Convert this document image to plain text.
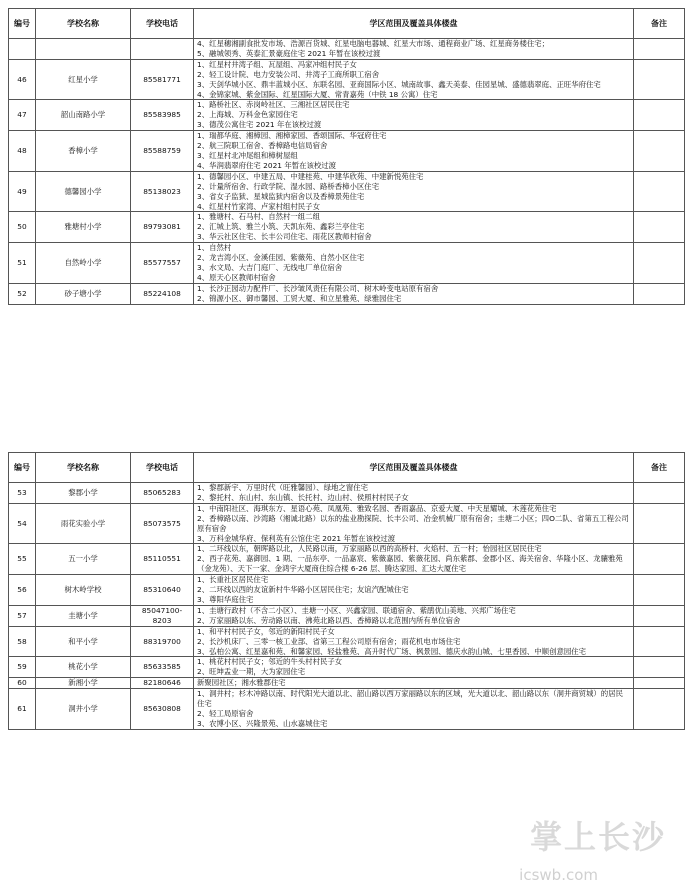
编号	学校名称	学校电话	学区范围及覆盖具体楼盘	备注

			4、红星穗湘副食批发市场、浩源百货城、红星电脑电器城、红星大市场、通程商业广场、红星商务楼住宅；
5、融城领秀、英泰汇景豪庭住宅 2021 年暂在该校过渡	

46	红星小学	85581771	1、红星村井湾子组、瓦屋组、冯家冲组村民子女
2、轻工设计院、电力安装公司、井湾子工商所职工宿舍
3、天剑华城小区、鼎丰蓝城小区、东联名园、亚商国际小区、城南故事、鑫天美泰、佳园星城、盛德翡翠庭、正旺华府住宅
4、金锦家城、紫金国际、红星国际大厦、常青嘉苑（中铁 18 公寓）住宅	

47	韶山南路小学	85583985	1、路桥社区、赤岗岭社区、三湘社区居民住宅
2、上海城、万科金色家园住宅
3、德茂公寓住宅 2021 年在该校过渡	

48	香樟小学	85588759	1、瑞都华庭、湘樟园、湘樟家园、香颂国际、华冠府住宅
2、航三院职工宿舍、香樟路电信局宿舍
3、红星村北冲尾组和樟树屋组
4、华润翡翠府住宅 2021 年暂在该校过渡	

49	德馨园小学	85138023	1、德馨园小区、中建五局、中建桂苑、中建华欣苑、中建新悦苑住宅
2、计量所宿舍、行政学院、湿水园、路桥香樟小区住宅
3、省女子监狱、星城监狱内宿舍以及香樟景苑住宅
4、红星村竹家湾、卢家村组村民子女	

50	雅塘村小学	89793081	1、雅塘村、石马村、自然村一组二组
2、汇城上筑、雅兰小筑、天凯东苑、鑫彩兰亭住宅
3、华云社区住宅、长丰公司住宅、雨花区教师村宿舍	

51	自然岭小学	85577557	1、自然村
2、龙吉湾小区、金溪佳园、紫薇苑、自然小区住宅
3、水文局、大吉门庭厂、无线电厂单位宿舍
4、原天心区教师村宿舍	

52	砂子塘小学	85224108	1、长沙正园动力配件厂、长沙皱风责任有限公司、树木岭变电站原有宿舍
2、锦源小区、御市馨园、工贸大厦、和立星雅苑、绿雅园住宅	

编号	学校名称	学校电话	学区范围及覆盖具体楼盘	备注
53	黎郡小学	85065283	1、黎郡新宇、万里时代（旺雅馨园）、绿地之窗住宅
2、黎托村、东山村、东山镇、长托村、边山村、侯照村村民子女	

54	雨花实验小学	85073575	1、中南阳社区、海琪东方、星语心苑、凤凰苑、雅致名园、香雨嘉品、京爱大厦、中天星耀城、木莲花苑住宅
2、香樟路以南、沙湾路（湘诚北路）以东的盐业勘探院、长丰公司、冶金机械厂原有宿舍；圭塘二小区；四O二队、省第五工程公司原有宿舍
3、万科金城华府、保利英有公馆住宅 2021 年暂在该校过渡	

55	五一小学	85110551	1、二环线以东，朝晖路以北，人民路以南，万家丽路以西的高桥村、火焰村、五一村；怡园社区居民住宅
2、西子花苑、嘉御园、1 期、一品东亭、一品嘉宸、紫薇嘉园、紫薇花园、尚东紫郡、金郡小区、海关宿舍、华隆小区、龙骧雅苑（金龙苑）、天下一家、金鸿宇大厦商住综合楼 6-26 层、腾达家园、汇达大厦住宅	

56	树木岭学校	85310640	1、长重社区居民住宅
2、二环线以西的友谊新村牛华路小区居民住宅；友谊汽配城住宅
3、尊阳华庭住宅	

57	圭塘小学	85047100-8203	1、圭塘行政村（不含二小区）、圭塘一小区、兴鑫家园、联通宿舍、紫鹃优山美地、兴邦广场住宅
2、万家丽路以东、劳动路以南、沸苑北路以西、香樟路以北范围内所有单位宿舍	

58	和平小学	88319700	1、和平村村民子女，邻近的新阳村民子女
2、长沙机床厂、三零一核工业部、省第三工程公司原有宿舍；雨花机电市场住宅
3、弘柏公寓、红星嘉和苑、和馨家园、轻盐雅苑、高升时代广场、枫景园、德庆水韵山城、七里香园、中顺创意园住宅	

59	桃花小学	85633585	1、桃花村村民子女；邻近的牛头村村民子女
2、旺坤盂业一期，大为家园住宅	

60	新湘小学	82180646	新聚园社区；湘水雅郡住宅	

61	洞井小学	85630808	1、洞井村；杉木冲路以南、时代阳光大道以北、韶山路以西万家丽路以东的区域，光大道以北、韶山路以东（洞井商贸城）的居民住宅
2、轻工局原宿舍
3、农博小区、兴隆景苑、山水嘉城住宅	

掌上长沙
icswb.com
